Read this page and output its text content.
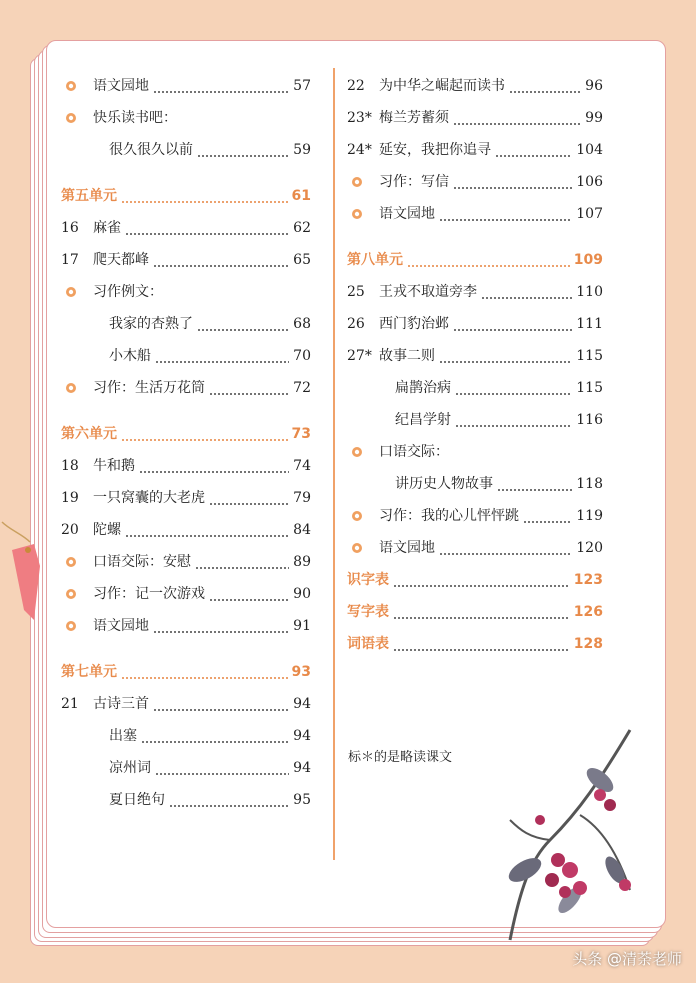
语文园地	57
快乐读书吧：
很久很久以前	59
第五单元	61
16 麻雀	62
17 爬天都峰	65
习作例文：
我家的杏熟了	68
小木船	70
习作：生活万花筒	72
第六单元	73
18 牛和鹅	74
19 一只窝囊的大老虎	79
20 陀螺	84
口语交际：安慰	89
习作：记一次游戏	90
语文园地	91
第七单元	93
21 古诗三首	94
出塞	94
凉州词	94
夏日绝句	95
22 为中华之崛起而读书	96
23* 梅兰芳蓄须	99
24* 延安，我把你追寻	104
习作：写信	106
语文园地	107
第八单元	109
25 王戎不取道旁李	110
26 西门豹治邺	111
27* 故事二则	115
扁鹊治病	115
纪昌学射	116
口语交际：
讲历史人物故事	118
习作：我的心儿怦怦跳	119
语文园地	120
识字表	123
写字表	126
词语表	128
标＊的是略读课文
头条 @清荼老师
